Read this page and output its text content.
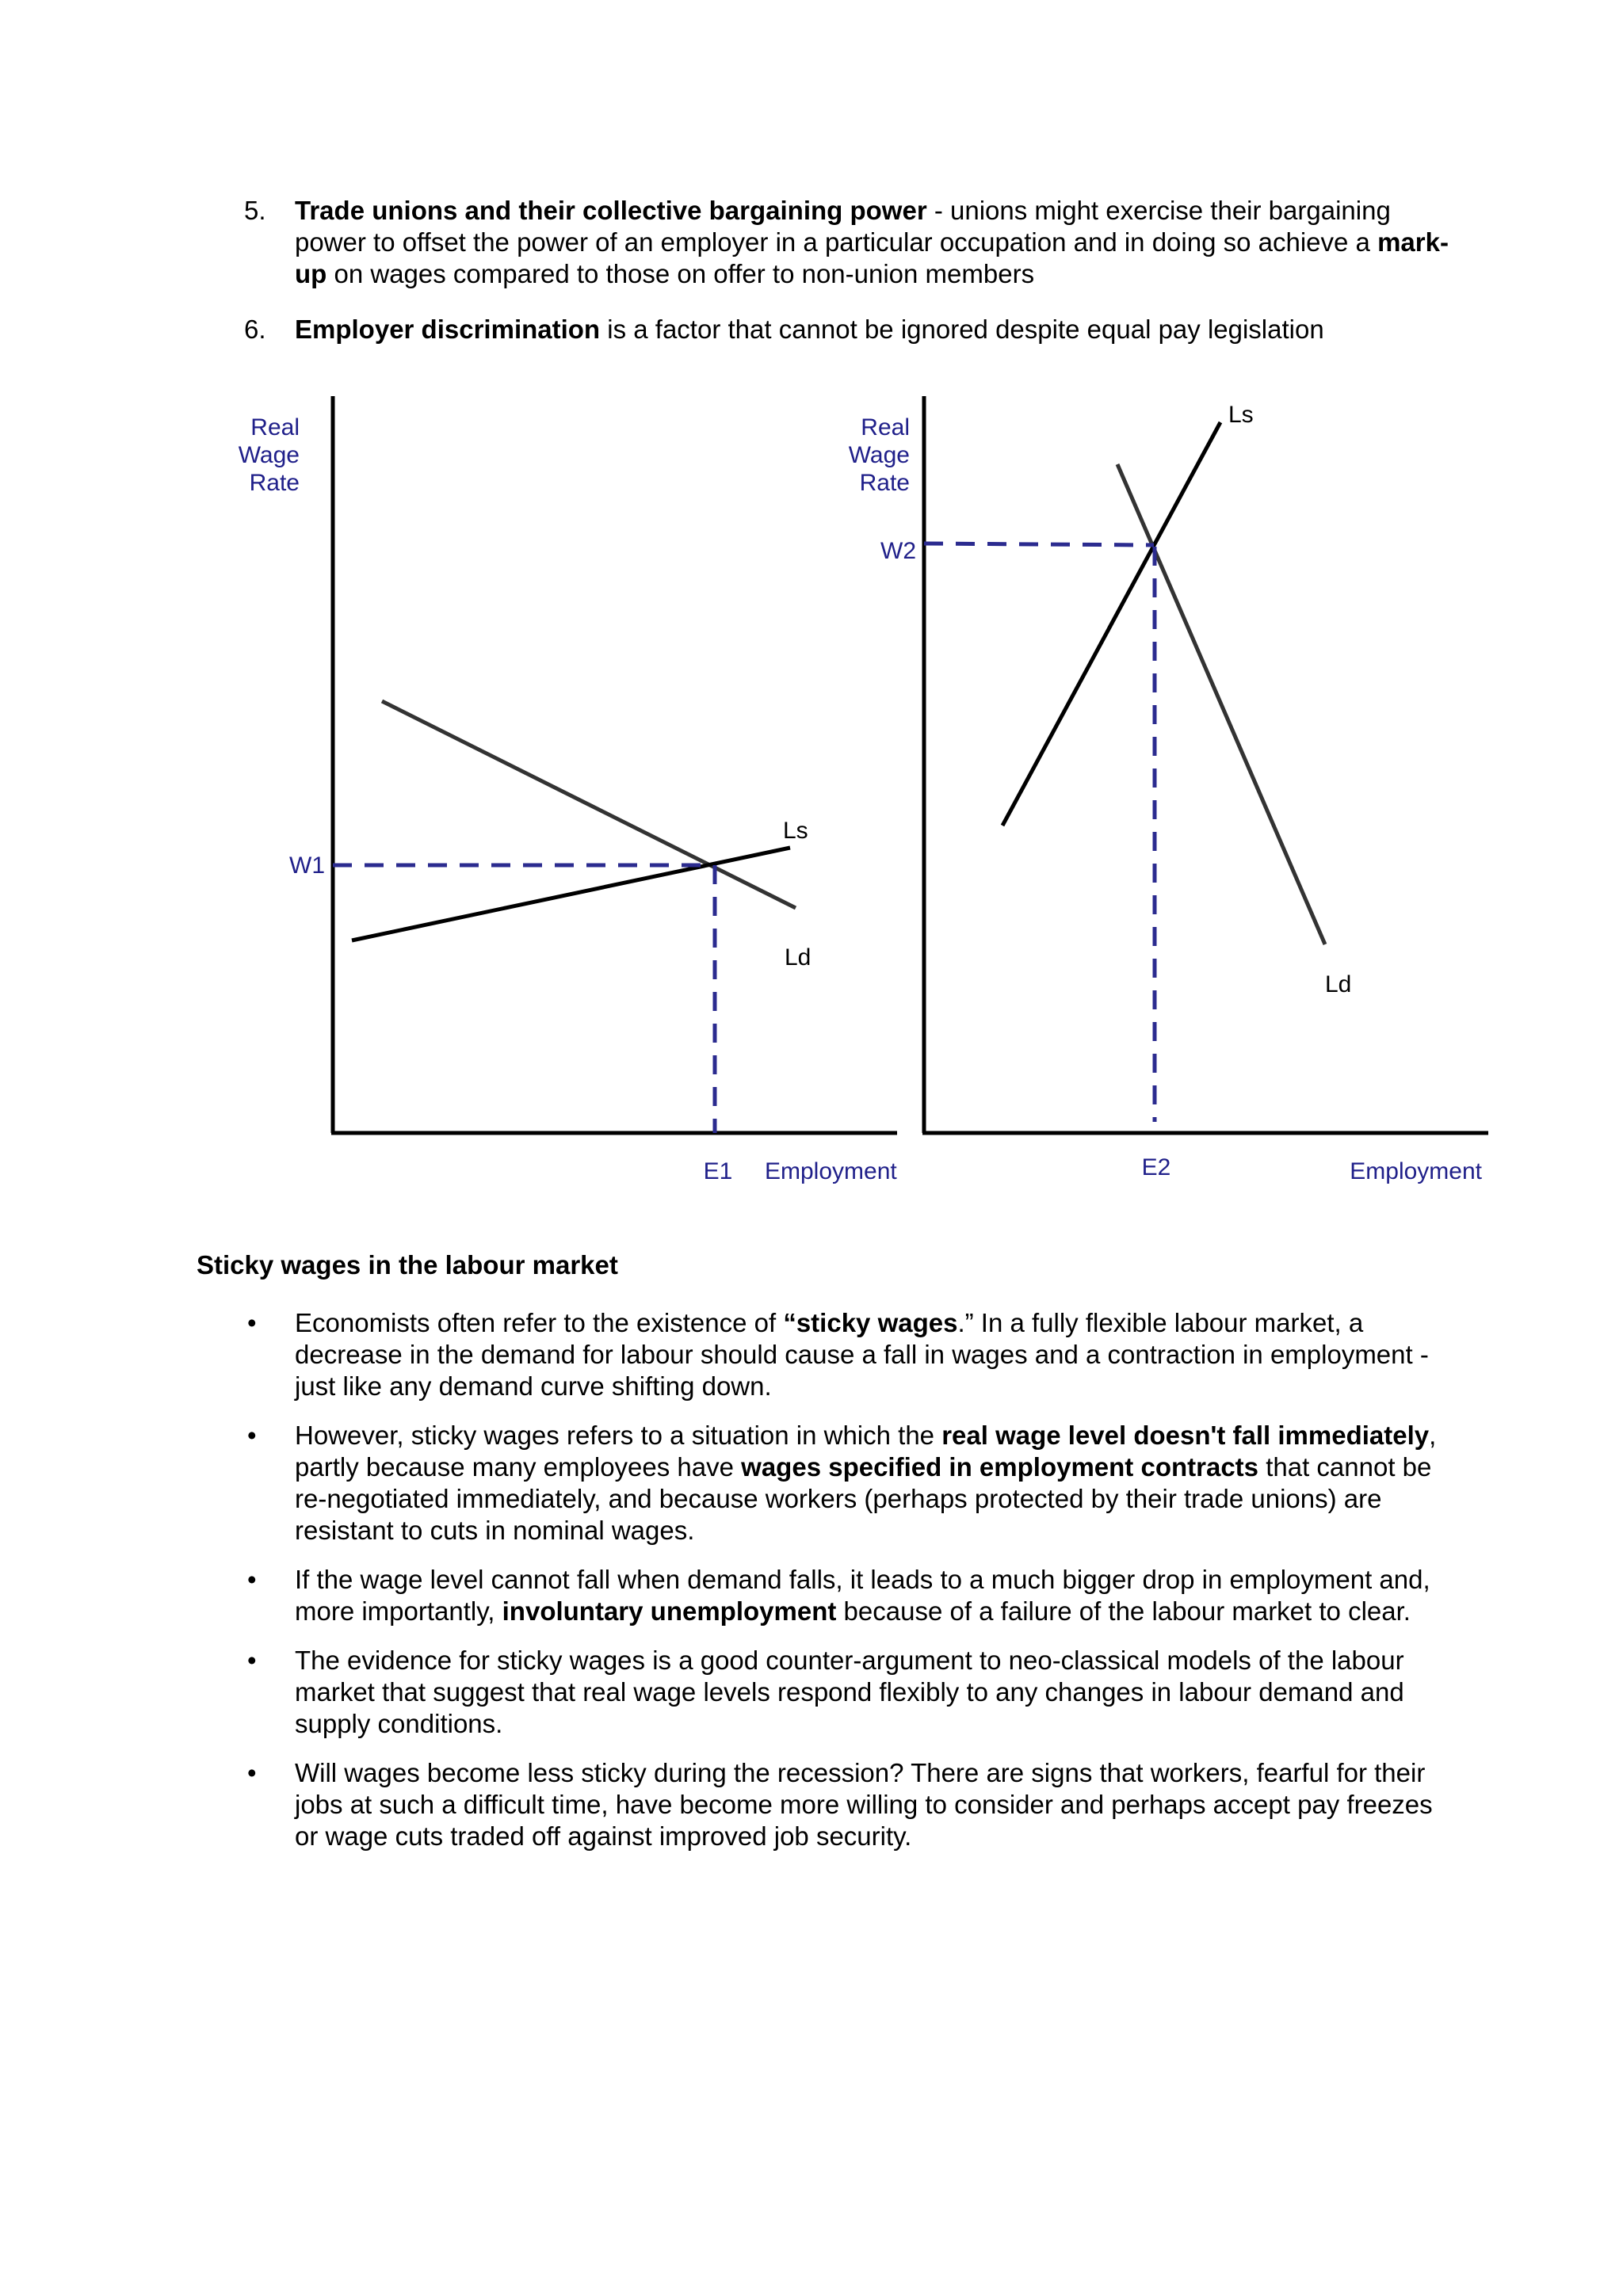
5. Trade unions and their collective bargaining power - unions might exercise their bargaining power to offset the power of an employer in a particular occupation and in doing so achieve a mark-up on wages compared to those on offer to non-union members
6. Employer discrimination is a factor that cannot be ignored despite equal pay legislation
Real
Wage
Rate
W1
Ls
Ld
E1 Employment
Real
Wage
Rate
W2
Ls
Ld
E2	Employment
Sticky wages in the labour market
• Economists often refer to the existence of “sticky wages.” In a fully flexible labour market, a decrease in the demand for labour should cause a fall in wages and a contraction in employment - just like any demand curve shifting down.
• However, sticky wages refers to a situation in which the real wage level doesn't fall immediately, partly because many employees have wages specified in employment contracts that cannot be re-negotiated immediately, and because workers (perhaps protected by their trade unions) are resistant to cuts in nominal wages.
• If the wage level cannot fall when demand falls, it leads to a much bigger drop in employment and, more importantly, involuntary unemployment because of a failure of the labour market to clear.
• The evidence for sticky wages is a good counter-argument to neo-classical models of the labour market that suggest that real wage levels respond flexibly to any changes in labour demand and supply conditions.
• Will wages become less sticky during the recession? There are signs that workers, fearful for their jobs at such a difficult time, have become more willing to consider and perhaps accept pay freezes or wage cuts traded off against improved job security.
